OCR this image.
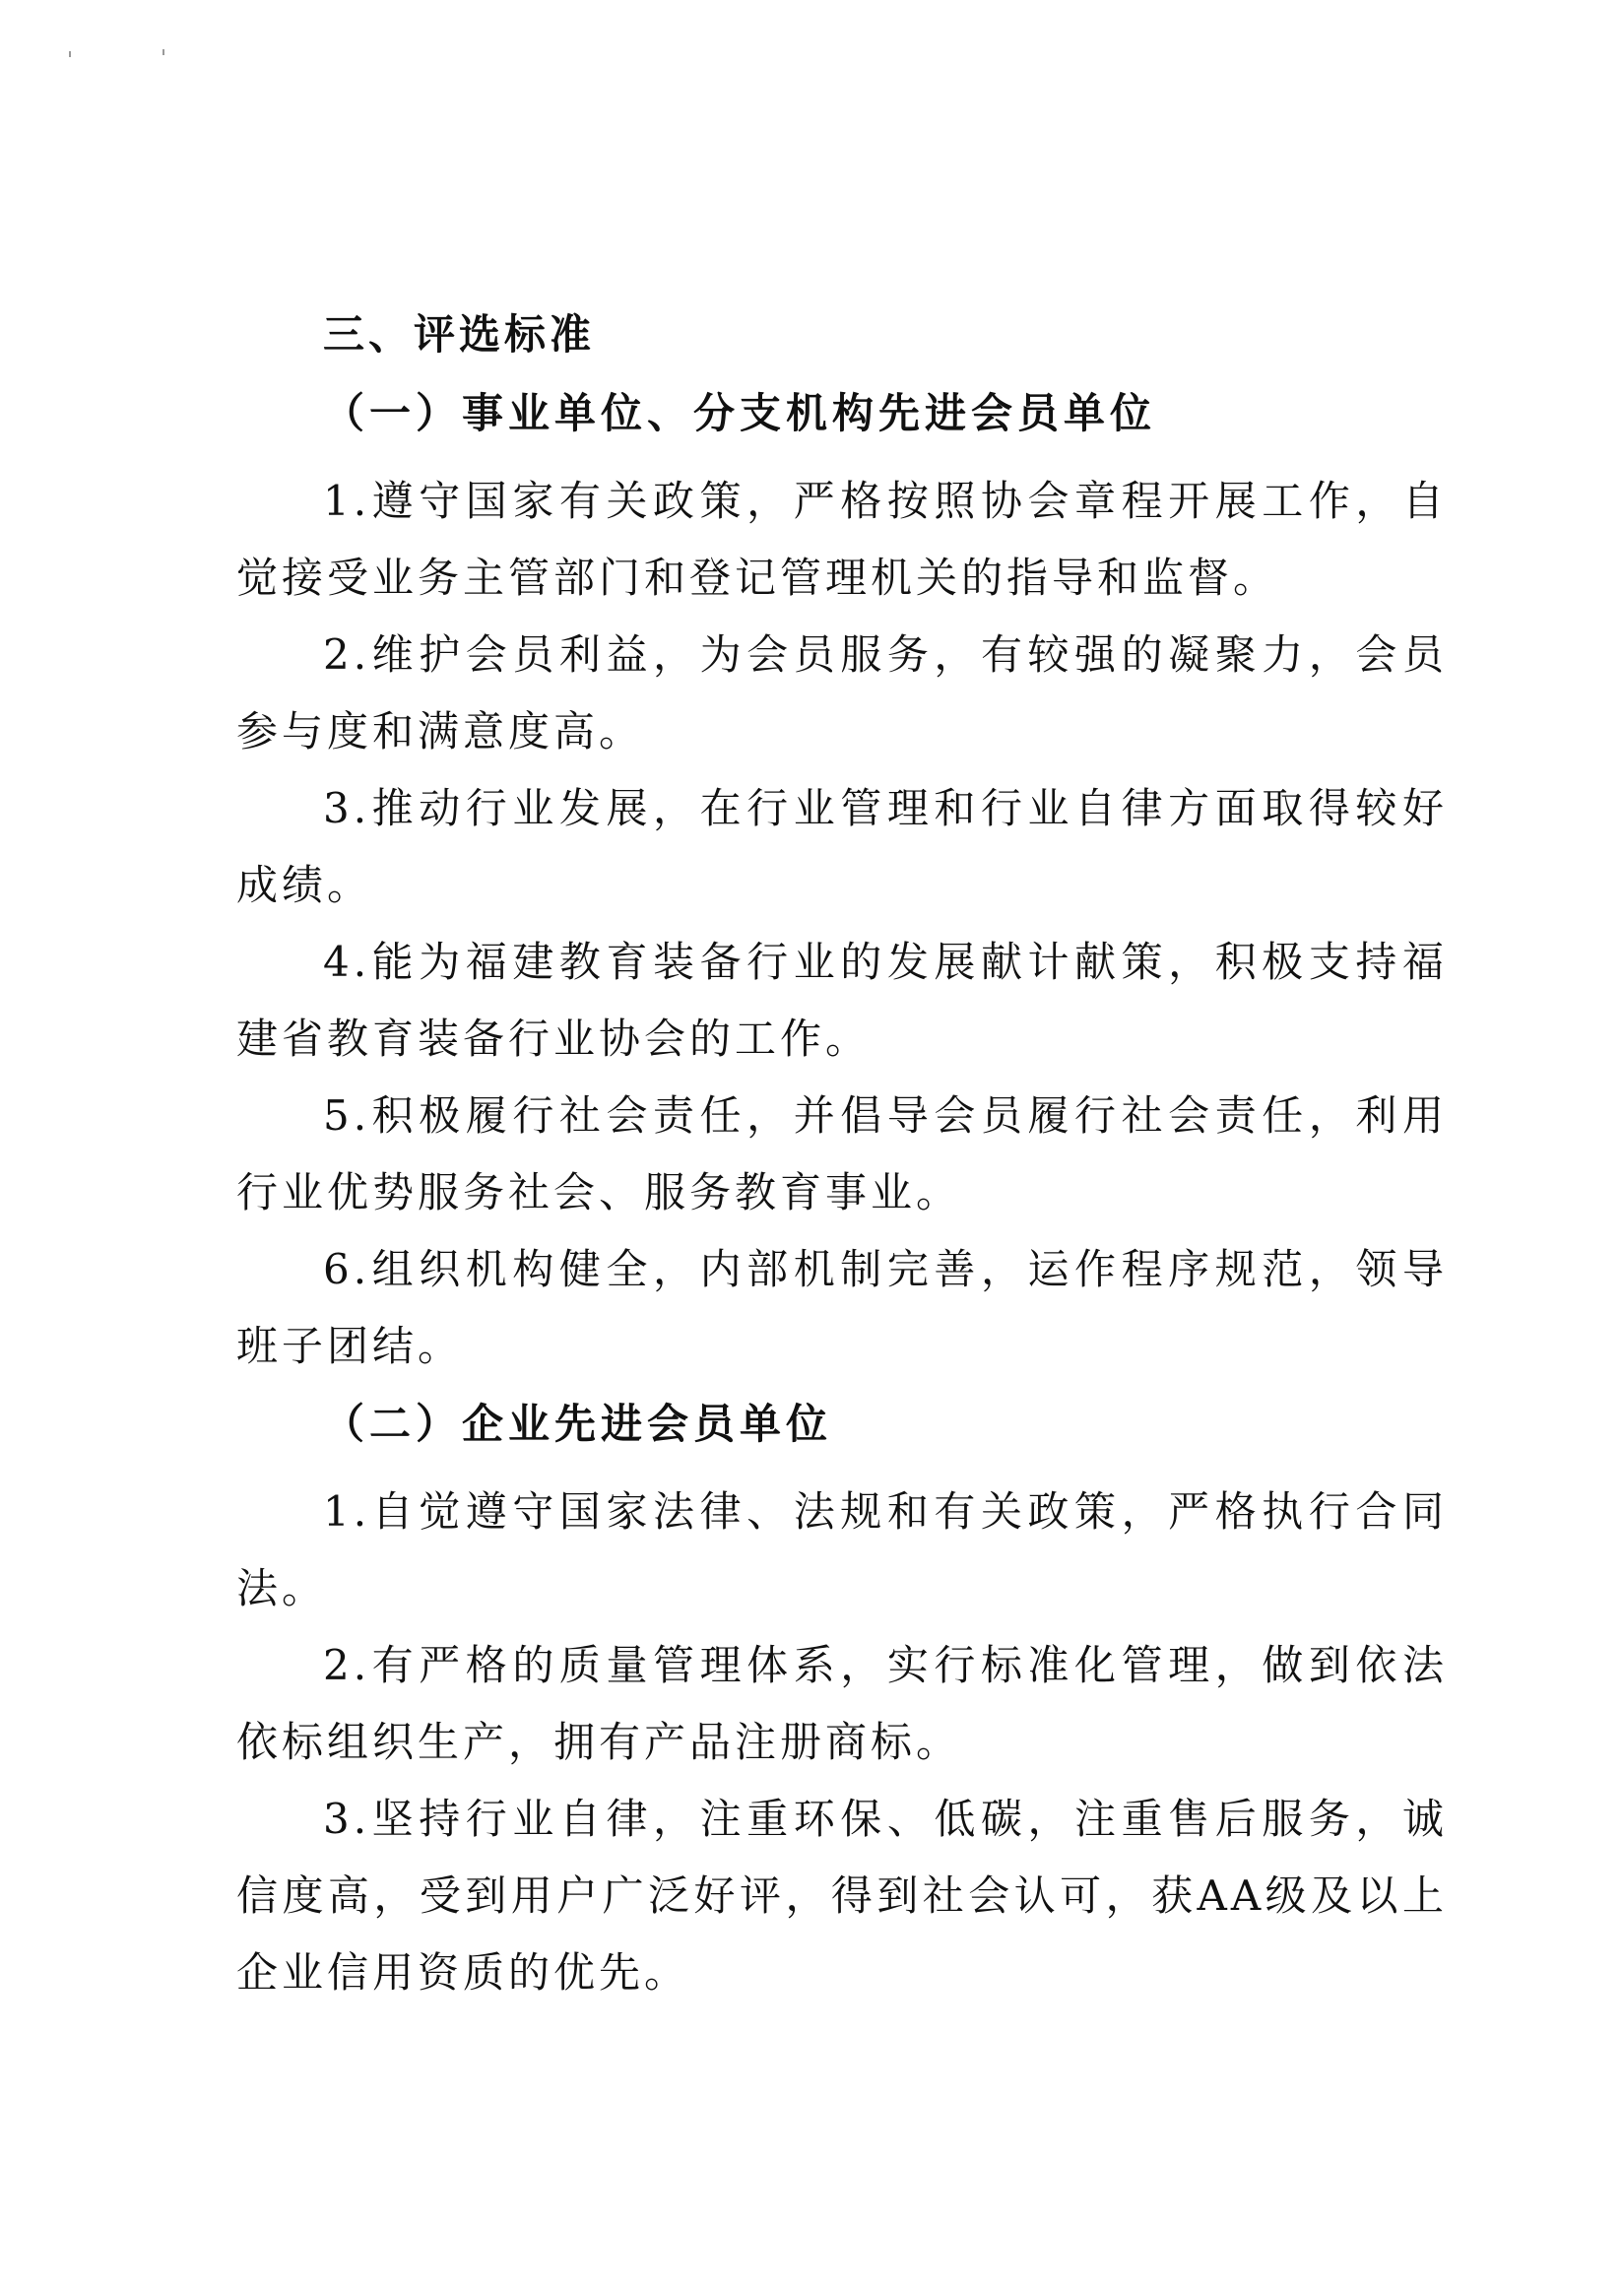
三、评选标准
（一）事业单位、分支机构先进会员单位

1.遵守国家有关政策，严格按照协会章程开展工作，自觉接受业务主管部门和登记管理机关的指导和监督。

2.维护会员利益，为会员服务，有较强的凝聚力，会员参与度和满意度高。

3.推动行业发展，在行业管理和行业自律方面取得较好成绩。

4.能为福建教育装备行业的发展献计献策，积极支持福建省教育装备行业协会的工作。

5.积极履行社会责任，并倡导会员履行社会责任，利用行业优势服务社会、服务教育事业。

6.组织机构健全，内部机制完善，运作程序规范，领导班子团结。

（二）企业先进会员单位

1.自觉遵守国家法律、法规和有关政策，严格执行合同法。

2.有严格的质量管理体系，实行标准化管理，做到依法依标组织生产，拥有产品注册商标。

3.坚持行业自律，注重环保、低碳，注重售后服务，诚信度高，受到用户广泛好评，得到社会认可，获AA级及以上企业信用资质的优先。
